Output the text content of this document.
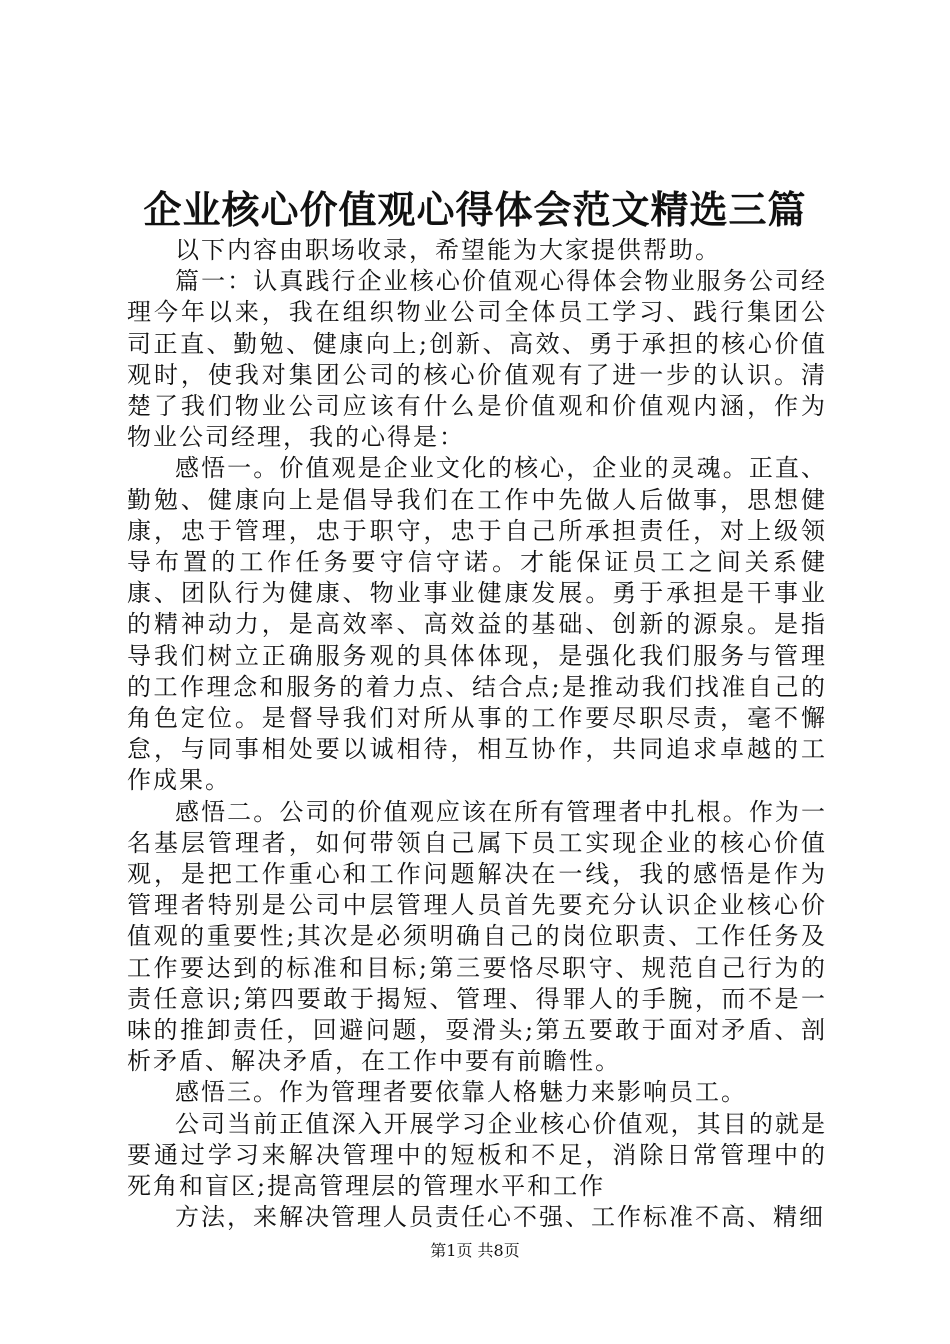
企业核心价值观心得体会范文精选三篇

以下内容由职场收录，希望能为大家提供帮助。

篇一：认真践行企业核心价值观心得体会物业服务公司经理今年以来，我在组织物业公司全体员工学习、践行集团公司正直、勤勉、健康向上;创新、高效、勇于承担的核心价值观时，使我对集团公司的核心价值观有了进一步的认识。清楚了我们物业公司应该有什么是价值观和价值观内涵，作为物业公司经理，我的心得是：

感悟一。价值观是企业文化的核心，企业的灵魂。正直、勤勉、健康向上是倡导我们在工作中先做人后做事，思想健康，忠于管理，忠于职守，忠于自己所承担责任，对上级领导布置的工作任务要守信守诺。才能保证员工之间关系健康、团队行为健康、物业事业健康发展。勇于承担是干事业的精神动力，是高效率、高效益的基础、创新的源泉。是指导我们树立正确服务观的具体体现，是强化我们服务与管理的工作理念和服务的着力点、结合点;是推动我们找准自己的角色定位。是督导我们对所从事的工作要尽职尽责，毫不懈怠，与同事相处要以诚相待，相互协作，共同追求卓越的工作成果。

感悟二。公司的价值观应该在所有管理者中扎根。作为一名基层管理者，如何带领自己属下员工实现企业的核心价值观，是把工作重心和工作问题解决在一线，我的感悟是作为管理者特别是公司中层管理人员首先要充分认识企业核心价值观的重要性;其次是必须明确自己的岗位职责、工作任务及工作要达到的标准和目标;第三要恪尽职守、规范自己行为的责任意识;第四要敢于揭短、管理、得罪人的手腕，而不是一味的推卸责任，回避问题，耍滑头;第五要敢于面对矛盾、剖析矛盾、解决矛盾，在工作中要有前瞻性。

感悟三。作为管理者要依靠人格魅力来影响员工。

公司当前正值深入开展学习企业核心价值观，其目的就是要通过学习来解决管理中的短板和不足，消除日常管理中的死角和盲区;提高管理层的管理水平和工作

方法，来解决管理人员责任心不强、工作标准不高、精细

第1页 共8页
